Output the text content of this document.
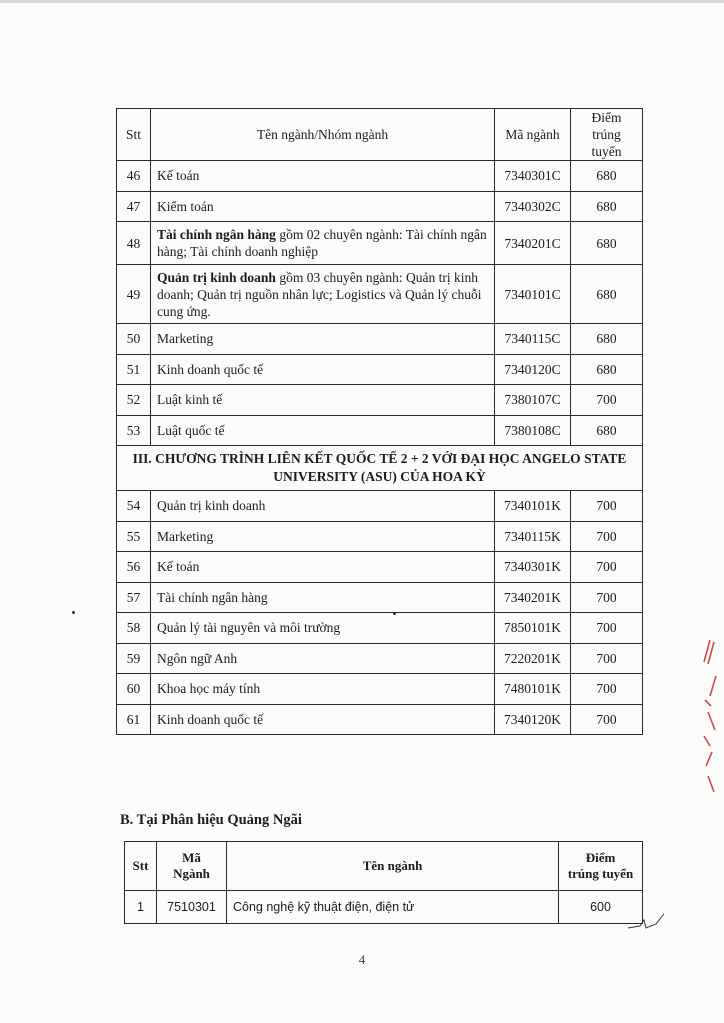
Stt	Tên ngành/Nhóm ngành	Mã ngành	Điểm
trúng tuyển
46	Kế toán	7340301C	680
47	Kiểm toán	7340302C	680
48	Tài chính ngân hàng gồm 02 chuyên ngành: Tài chính ngân hàng; Tài chính doanh nghiệp	7340201C	680
49	Quản trị kinh doanh gồm 03 chuyên ngành: Quản trị kinh doanh; Quản trị nguồn nhân lực; Logistics và Quản lý chuỗi cung ứng.	7340101C	680
50	Marketing	7340115C	680
51	Kinh doanh quốc tế	7340120C	680
52	Luật kinh tế	7380107C	700
53	Luật quốc tế	7380108C	680
III. CHƯƠNG TRÌNH LIÊN KẾT QUỐC TẾ 2 + 2 VỚI ĐẠI HỌC ANGELO STATE
UNIVERSITY (ASU) CỦA HOA KỲ			
54	Quản trị kinh doanh	7340101K	700
55	Marketing	7340115K	700
56	Kế toán	7340301K	700
57	Tài chính ngân hàng	7340201K	700
58	Quản lý tài nguyên và môi trường	7850101K	700
59	Ngôn ngữ Anh	7220201K	700
60	Khoa học máy tính	7480101K	700
61	Kinh doanh quốc tế	7340120K	700
B. Tại Phân hiệu Quảng Ngãi
Stt	Mã Ngành	Tên ngành	Điểm
trúng tuyển
1	7510301	Công nghệ kỹ thuật điện, điện tử	600
4
